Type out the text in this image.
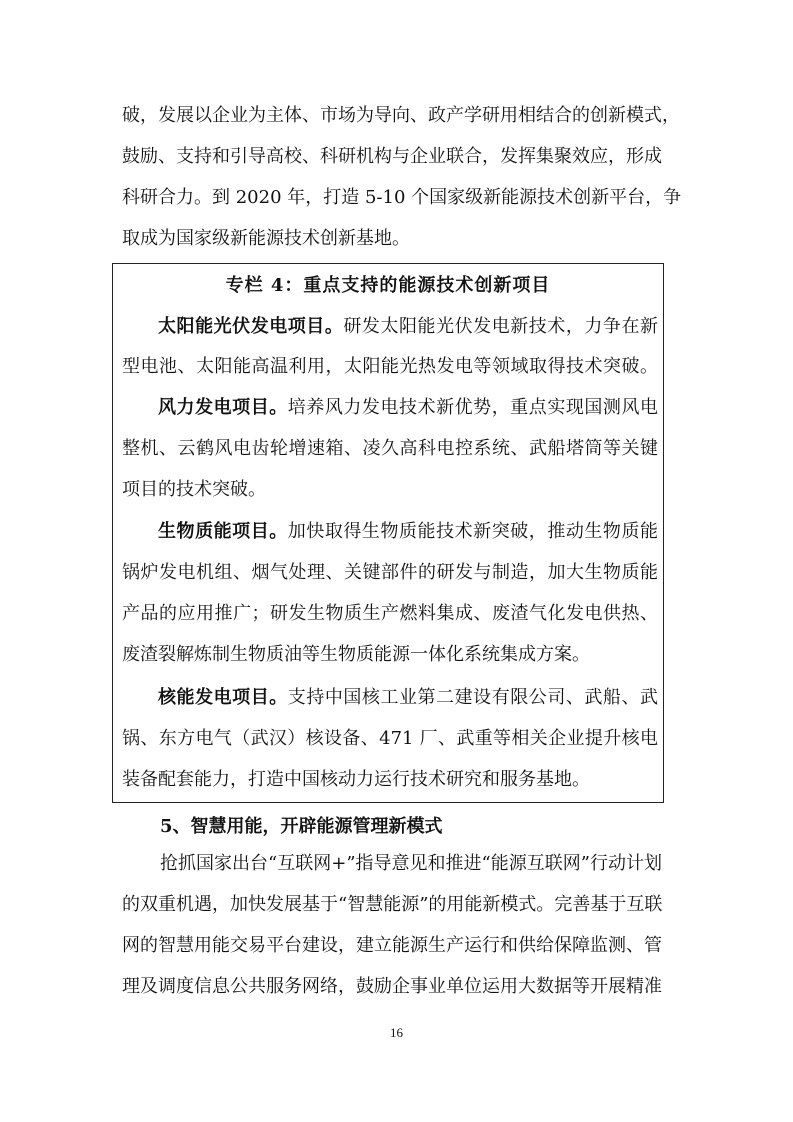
破，发展以企业为主体、市场为导向、政产学研用相结合的创新模式，
鼓励、支持和引导高校、科研机构与企业联合，发挥集聚效应，形成
科研合力。到 2020 年，打造 5-10 个国家级新能源技术创新平台，争
取成为国家级新能源技术创新基地。
专栏 4：重点支持的能源技术创新项目
太阳能光伏发电项目。研发太阳能光伏发电新技术，力争在新
型电池、太阳能高温利用，太阳能光热发电等领域取得技术突破。
风力发电项目。培养风力发电技术新优势，重点实现国测风电
整机、云鹤风电齿轮增速箱、凌久高科电控系统、武船塔筒等关键
项目的技术突破。
生物质能项目。加快取得生物质能技术新突破，推动生物质能
锅炉发电机组、烟气处理、关键部件的研发与制造，加大生物质能
产品的应用推广；研发生物质生产燃料集成、废渣气化发电供热、
废渣裂解炼制生物质油等生物质能源一体化系统集成方案。
核能发电项目。支持中国核工业第二建设有限公司、武船、武
锅、东方电气（武汉）核设备、471 厂、武重等相关企业提升核电
装备配套能力，打造中国核动力运行技术研究和服务基地。
5、智慧用能，开辟能源管理新模式
抢抓国家出台“互联网+”指导意见和推进“能源互联网”行动计划
的双重机遇，加快发展基于“智慧能源”的用能新模式。完善基于互联
网的智慧用能交易平台建设，建立能源生产运行和供给保障监测、管
理及调度信息公共服务网络，鼓励企事业单位运用大数据等开展精准
16
